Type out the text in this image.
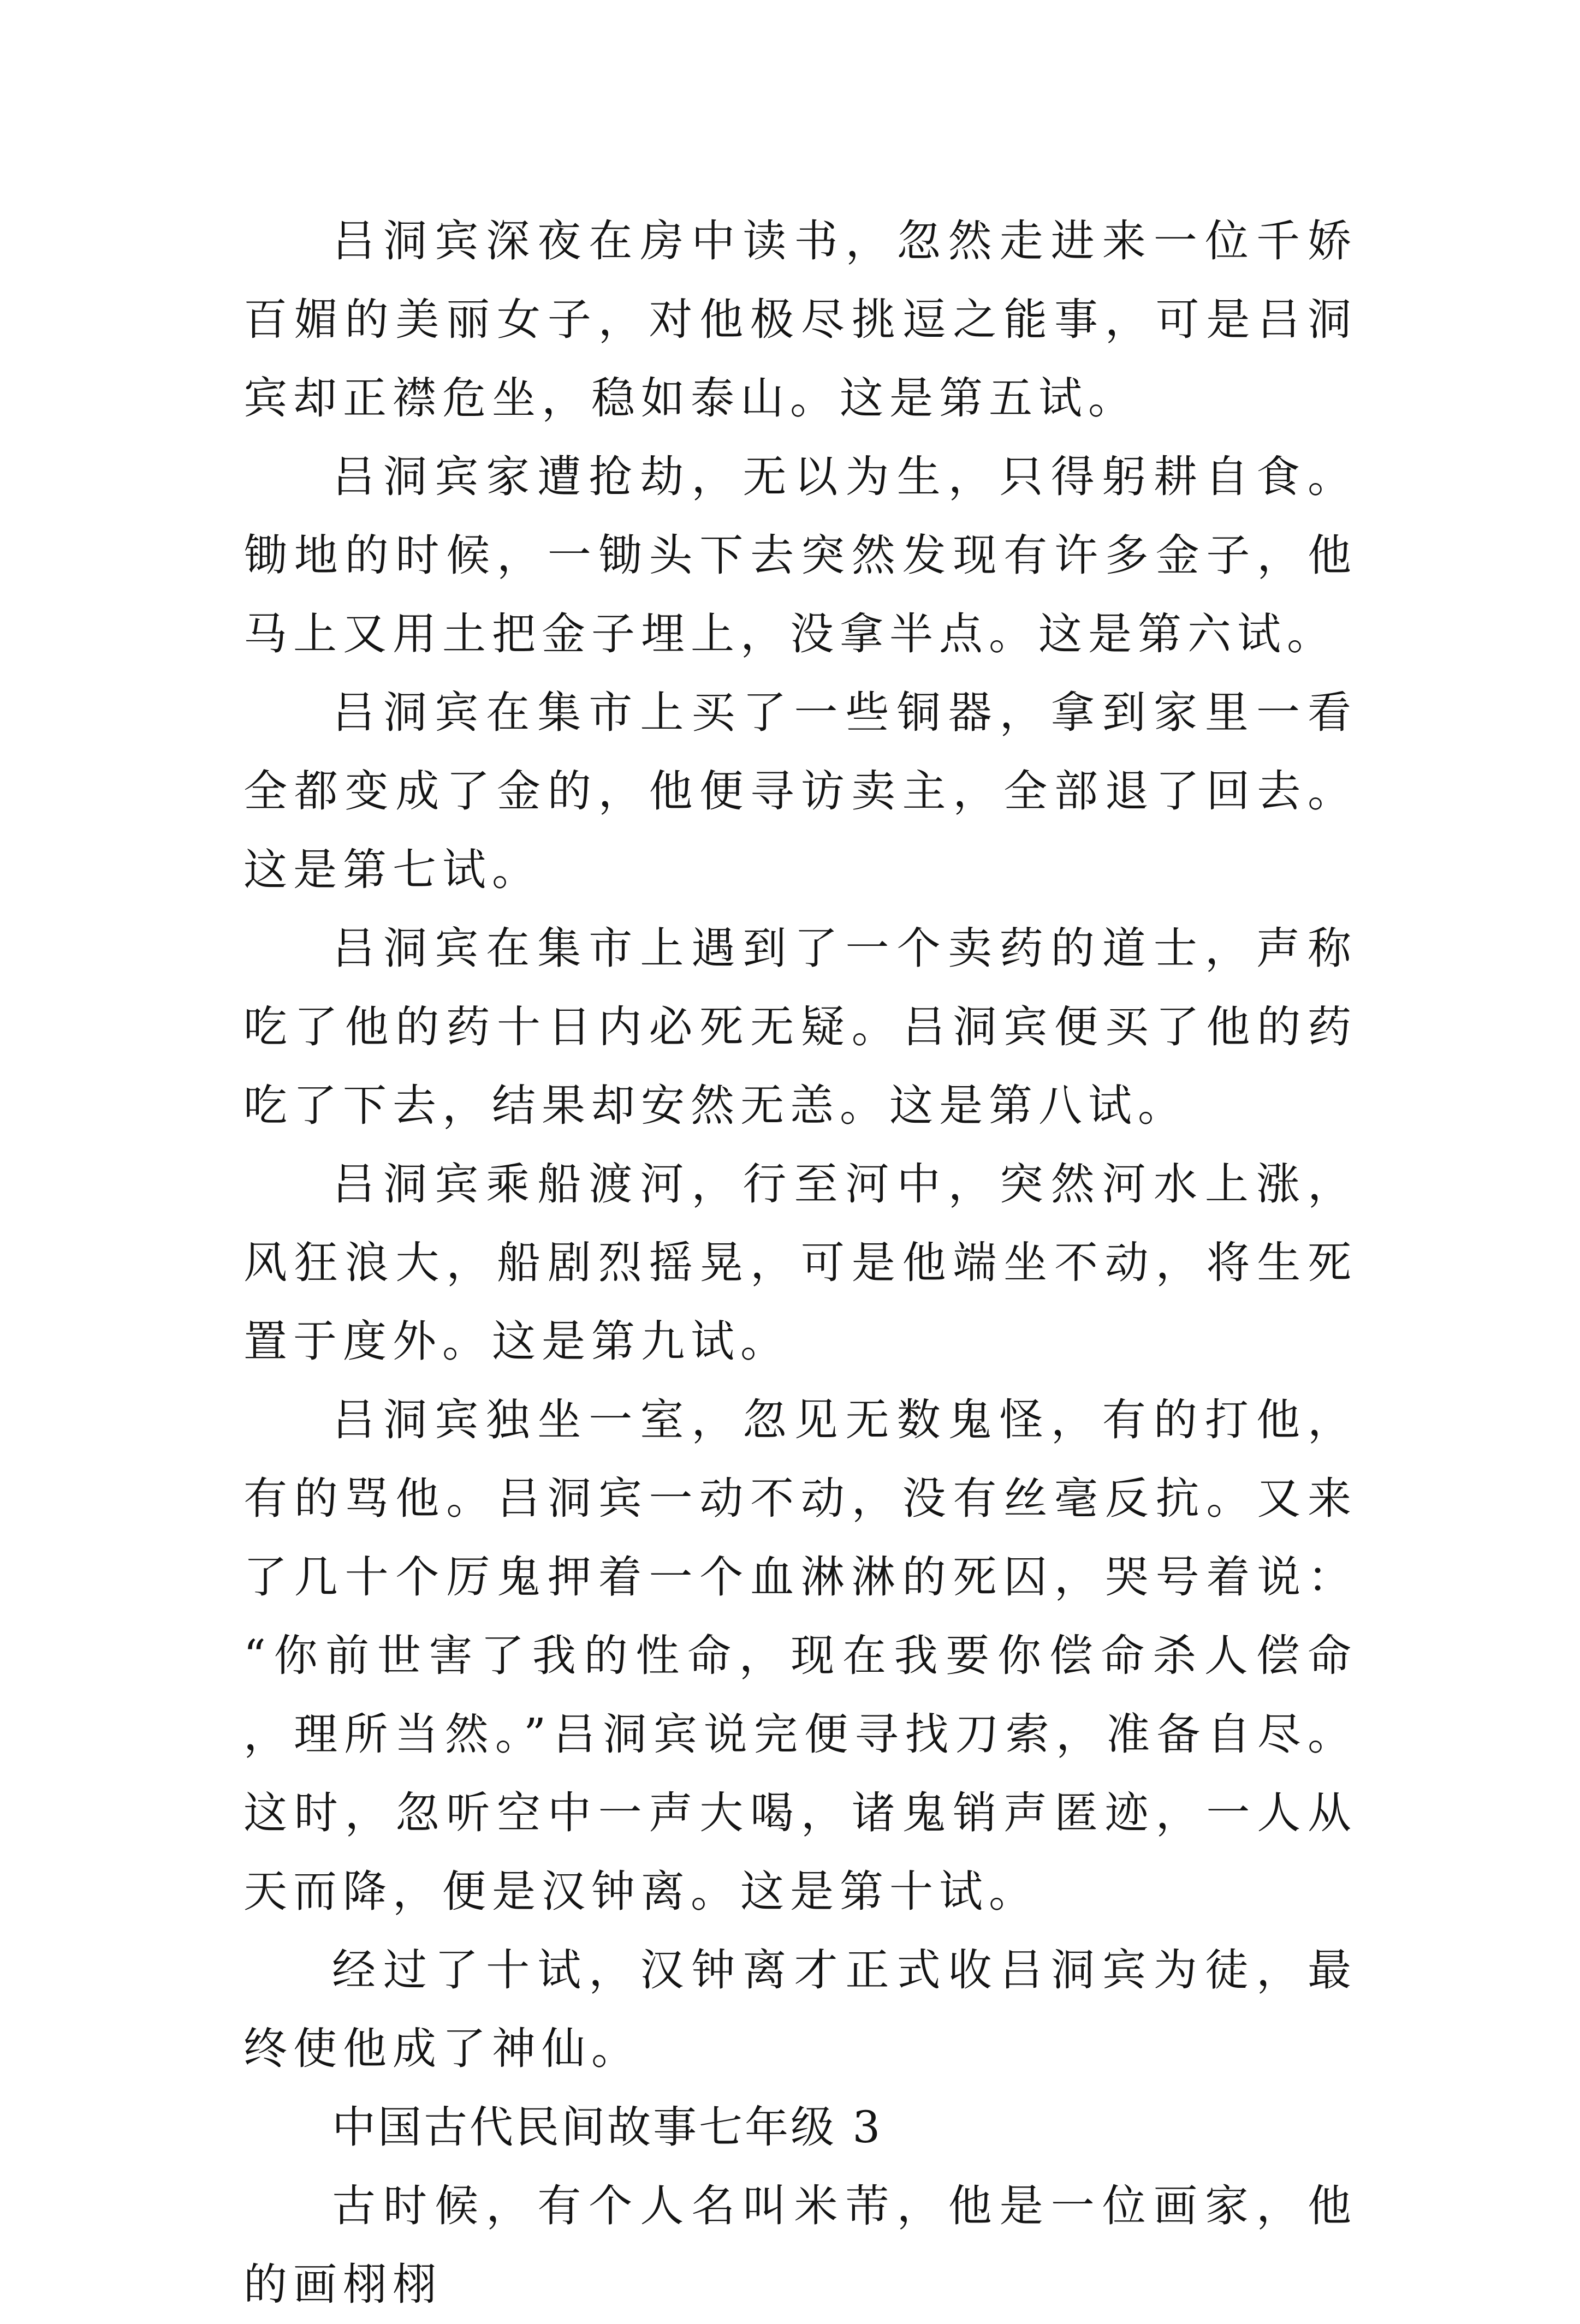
吕洞宾深夜在房中读书，忽然走进来一位千娇百媚的美丽女子，对他极尽挑逗之能事，可是吕洞宾却正襟危坐，稳如泰山。这是第五试。

吕洞宾家遭抢劫，无以为生，只得躬耕自食。锄地的时候，一锄头下去突然发现有许多金子，他马上又用土把金子埋上，没拿半点。这是第六试。

吕洞宾在集市上买了一些铜器，拿到家里一看全都变成了金的，他便寻访卖主，全部退了回去。这是第七试。

吕洞宾在集市上遇到了一个卖药的道士，声称吃了他的药十日内必死无疑。吕洞宾便买了他的药吃了下去，结果却安然无恙。这是第八试。

吕洞宾乘船渡河，行至河中，突然河水上涨，风狂浪大，船剧烈摇晃，可是他端坐不动，将生死置于度外。这是第九试。

吕洞宾独坐一室，忽见无数鬼怪，有的打他，有的骂他。吕洞宾一动不动，没有丝毫反抗。又来了几十个厉鬼押着一个血淋淋的死囚，哭号着说：“你前世害了我的性命，现在我要你偿命杀人偿命，理所当然。”吕洞宾说完便寻找刀索，准备自尽。这时，忽听空中一声大喝，诸鬼销声匿迹，一人从天而降，便是汉钟离。这是第十试。

经过了十试，汉钟离才正式收吕洞宾为徒，最终使他成了神仙。

中国古代民间故事七年级 3

古时候，有个人名叫米芾，他是一位画家，他的画栩栩
